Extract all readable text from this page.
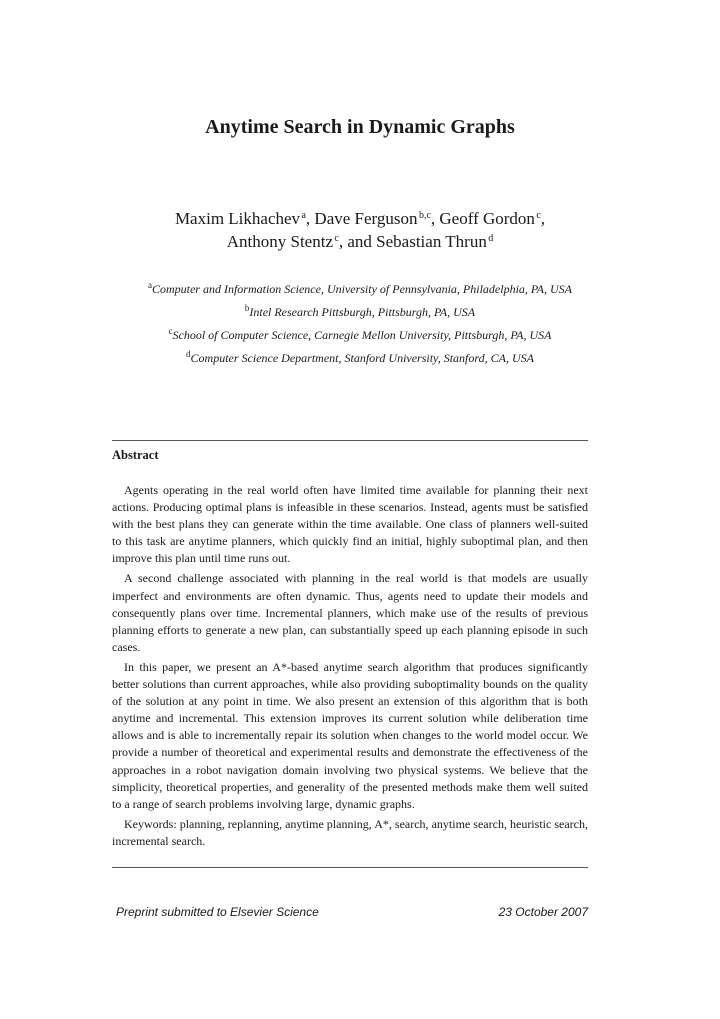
Anytime Search in Dynamic Graphs
Maxim Likhachev $^a$, Dave Ferguson $^{b,c}$, Geoff Gordon $^c$,
Anthony Stentz $^c$, and Sebastian Thrun $^d$
$^a$Computer and Information Science, University of Pennsylvania, Philadelphia, PA, USA
$^b$Intel Research Pittsburgh, Pittsburgh, PA, USA
$^c$School of Computer Science, Carnegie Mellon University, Pittsburgh, PA, USA
$^d$Computer Science Department, Stanford University, Stanford, CA, USA
Abstract

Agents operating in the real world often have limited time available for planning their next actions. Producing optimal plans is infeasible in these scenarios. Instead, agents must be satisfied with the best plans they can generate within the time available. One class of planners well-suited to this task are anytime planners, which quickly find an initial, highly suboptimal plan, and then improve this plan until time runs out.

A second challenge associated with planning in the real world is that models are usually imperfect and environments are often dynamic. Thus, agents need to update their models and consequently plans over time. Incremental planners, which make use of the results of previous planning efforts to generate a new plan, can substantially speed up each planning episode in such cases.

In this paper, we present an A*-based anytime search algorithm that produces significantly better solutions than current approaches, while also providing suboptimality bounds on the quality of the solution at any point in time. We also present an extension of this algorithm that is both anytime and incremental. This extension improves its current solution while deliberation time allows and is able to incrementally repair its solution when changes to the world model occur. We provide a number of theoretical and experimental results and demonstrate the effectiveness of the approaches in a robot navigation domain involving two physical systems. We believe that the simplicity, theoretical properties, and generality of the presented methods make them well suited to a range of search problems involving large, dynamic graphs.

Keywords: planning, replanning, anytime planning, A*, search, anytime search, heuristic search, incremental search.

Preprint submitted to Elsevier Science	23 October 2007
